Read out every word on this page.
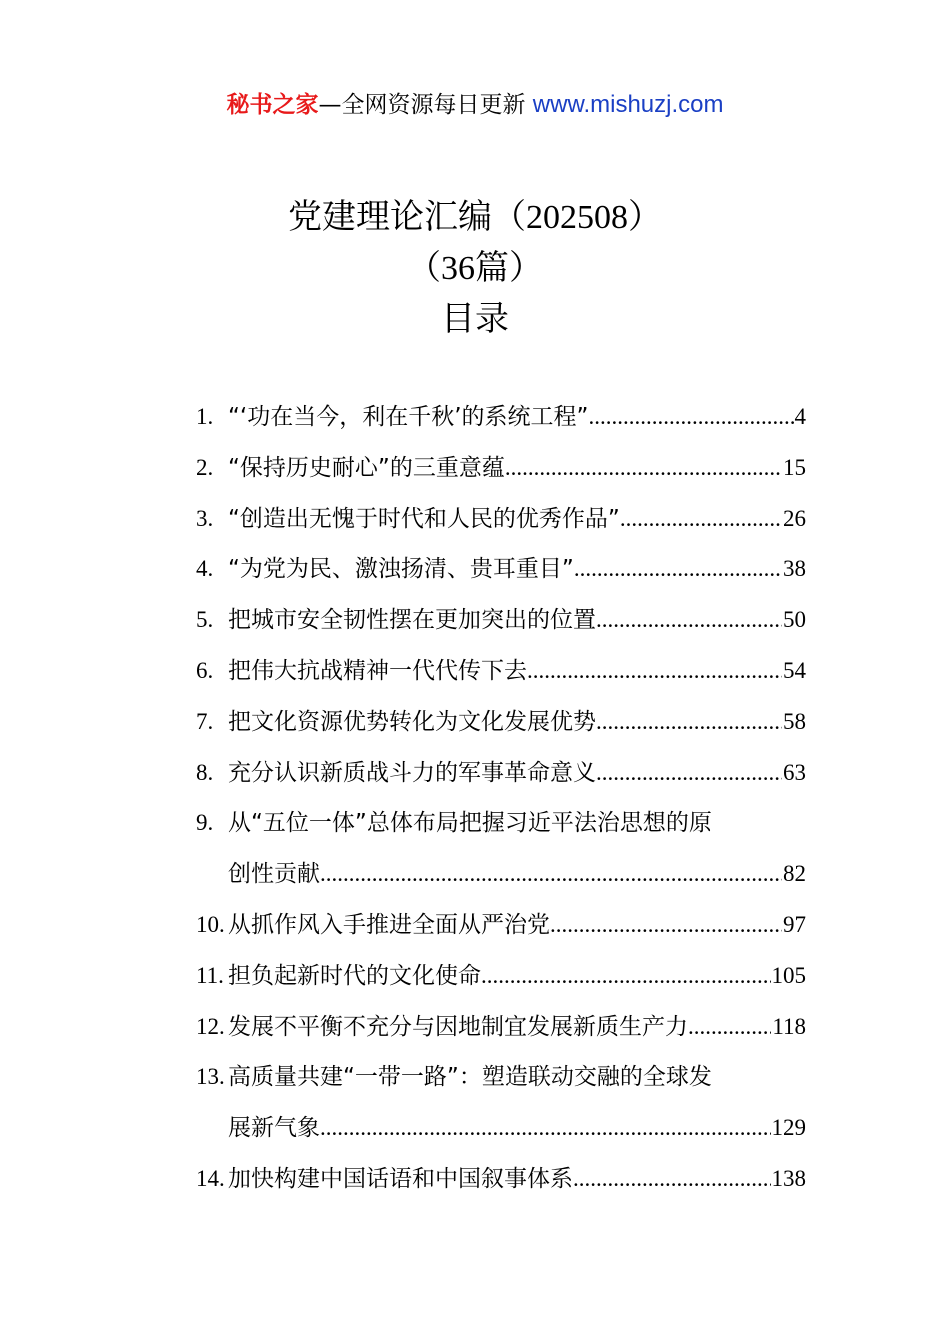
秘书之家—全网资源每日更新 www.mishuzj.com
党建理论汇编（202508）
（36篇）
目录
1. “‘功在当今，利在千秋’的系统工程” .....	4
2. “保持历史耐心”的三重意蕴 .....	15
3. “创造出无愧于时代和人民的优秀作品” .....	26
4. “为党为民、激浊扬清、贵耳重目” .....	38
5. 把城市安全韧性摆在更加突出的位置 .....	50
6. 把伟大抗战精神一代代传下去 .....	54
7. 把文化资源优势转化为文化发展优势 .....	58
8. 充分认识新质战斗力的军事革命意义 .....	63
9. 从“五位一体”总体布局把握习近平法治思想的原
创性贡献 .....	82
10. 从抓作风入手推进全面从严治党 .....	97
11. 担负起新时代的文化使命 .....	105
12. 发展不平衡不充分与因地制宜发展新质生产力 .....	118
13. 高质量共建“一带一路”：塑造联动交融的全球发
展新气象 .....	129
14. 加快构建中国话语和中国叙事体系 .....	138
